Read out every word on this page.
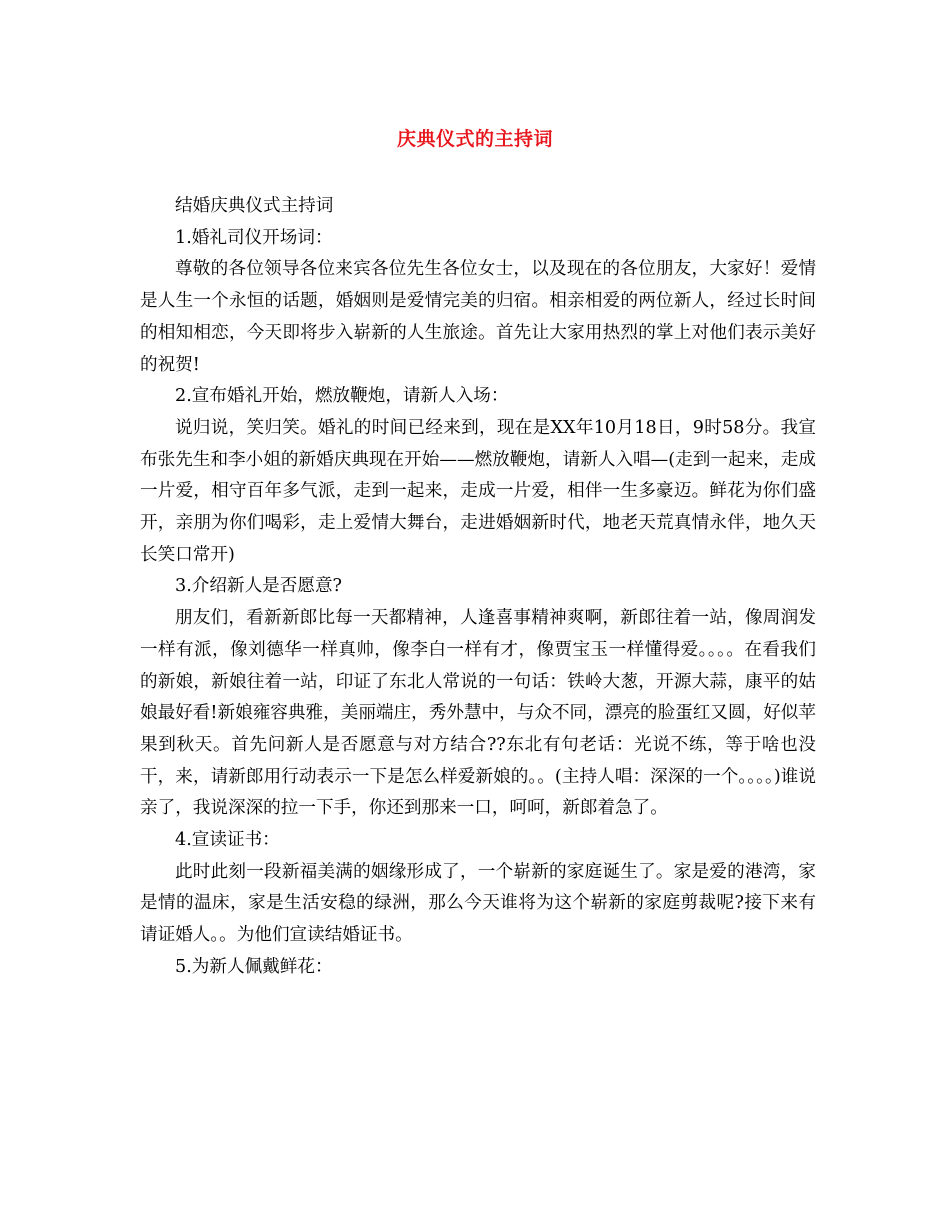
庆典仪式的主持词

结婚庆典仪式主持词

1.婚礼司仪开场词：

尊敬的各位领导各位来宾各位先生各位女士，以及现在的各位朋友，大家好！爱情是人生一个永恒的话题，婚姻则是爱情完美的归宿。相亲相爱的两位新人，经过长时间的相知相恋，今天即将步入崭新的人生旅途。首先让大家用热烈的掌上对他们表示美好的祝贺!

2.宣布婚礼开始，燃放鞭炮，请新人入场：

说归说，笑归笑。婚礼的时间已经来到，现在是XX年10月18日，9时58分。我宣布张先生和李小姐的新婚庆典现在开始——燃放鞭炮，请新人入唱—(走到一起来，走成一片爱，相守百年多气派，走到一起来，走成一片爱，相伴一生多豪迈。鲜花为你们盛开，亲朋为你们喝彩，走上爱情大舞台，走进婚姻新时代，地老天荒真情永伴，地久天长笑口常开)

3.介绍新人是否愿意?

朋友们，看新新郎比每一天都精神，人逢喜事精神爽啊，新郎往着一站，像周润发一样有派，像刘德华一样真帅，像李白一样有才，像贾宝玉一样懂得爱。。。。在看我们的新娘，新娘往着一站，印证了东北人常说的一句话：铁岭大葱，开源大蒜，康平的姑娘最好看!新娘雍容典雅，美丽端庄，秀外慧中，与众不同，漂亮的脸蛋红又圆，好似苹果到秋天。首先问新人是否愿意与对方结合??东北有句老话：光说不练，等于啥也没干，来，请新郎用行动表示一下是怎么样爱新娘的。。(主持人唱：深深的一个。。。。)谁说亲了，我说深深的拉一下手，你还到那来一口，呵呵，新郎着急了。

4.宣读证书：

此时此刻一段新福美满的姻缘形成了，一个崭新的家庭诞生了。家是爱的港湾，家是情的温床，家是生活安稳的绿洲，那么今天谁将为这个崭新的家庭剪裁呢?接下来有请证婚人。。为他们宣读结婚证书。

5.为新人佩戴鲜花：
